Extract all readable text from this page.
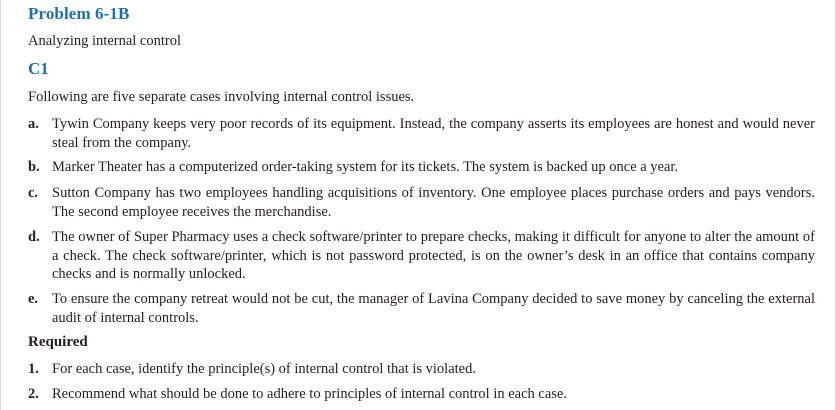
Problem 6-1B
Analyzing internal control
C1
Following are five separate cases involving internal control issues.
a. Tywin Company keeps very poor records of its equipment. Instead, the company asserts its employees are honest and would never steal from the company.
b. Marker Theater has a computerized order-taking system for its tickets. The system is backed up once a year.
c. Sutton Company has two employees handling acquisitions of inventory. One employee places purchase orders and pays vendors. The second employee receives the merchandise.
d. The owner of Super Pharmacy uses a check software/printer to prepare checks, making it difficult for anyone to alter the amount of a check. The check software/printer, which is not password protected, is on the owner’s desk in an office that contains company checks and is normally unlocked.
e. To ensure the company retreat would not be cut, the manager of Lavina Company decided to save money by canceling the external audit of internal controls.
Required
1. For each case, identify the principle(s) of internal control that is violated.
2. Recommend what should be done to adhere to principles of internal control in each case.
